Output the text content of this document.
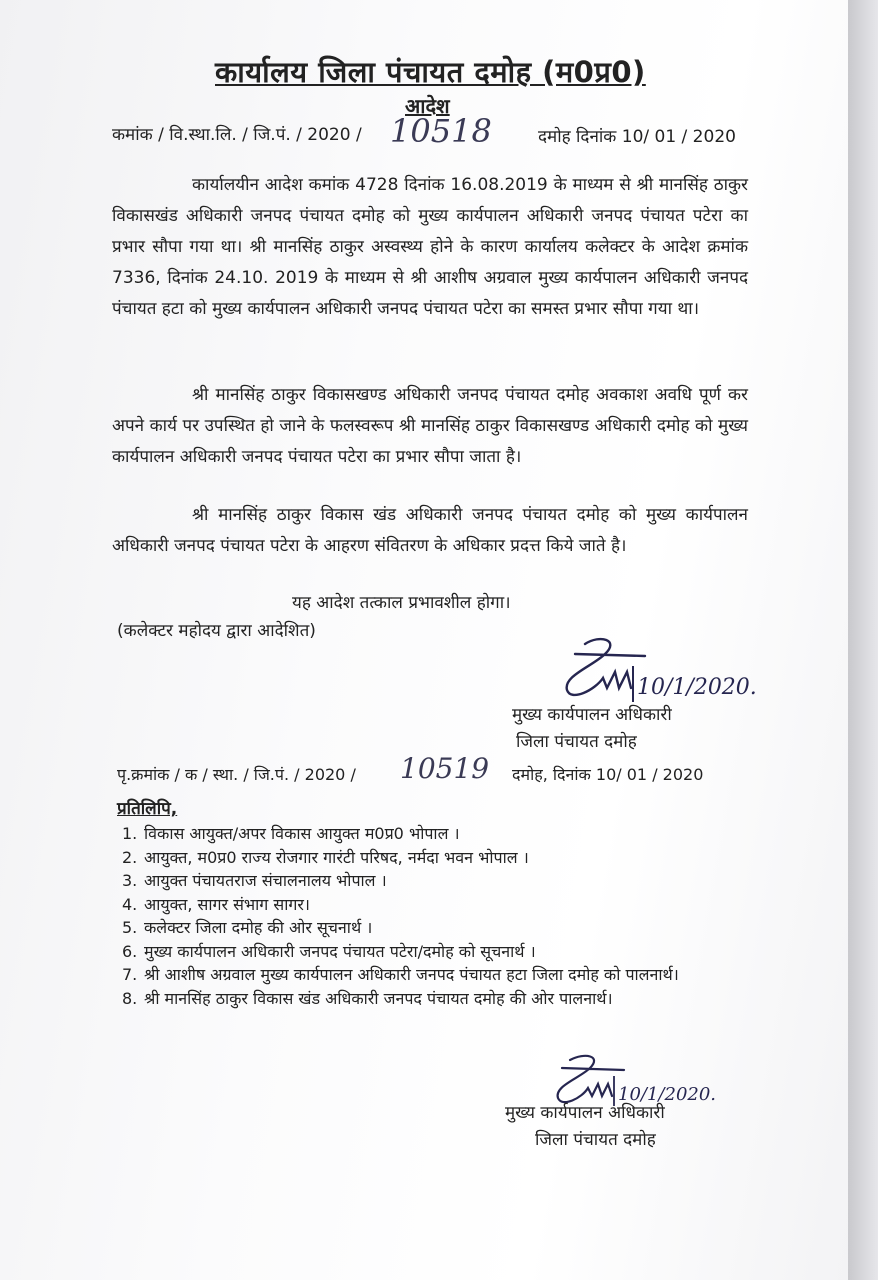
कार्यालय जिला पंचायत दमोह (म0प्र0)
आदेश
कमांक / वि.स्था.लि. / जि.पं. / 2020 / 10518	दमोह दिनांक 10/ 01 / 2020
कार्यालयीन आदेश कमांक 4728 दिनांक 16.08.2019 के माध्यम से श्री मानसिंह ठाकुर विकासखंड अधिकारी जनपद पंचायत दमोह को मुख्य कार्यपालन अधिकारी जनपद पंचायत पटेरा का प्रभार सौपा गया था। श्री मानसिंह ठाकुर अस्वस्थ्य होने के कारण कार्यालय कलेक्टर के आदेश क्रमांक 7336, दिनांक 24.10. 2019 के माध्यम से श्री आशीष अग्रवाल मुख्य कार्यपालन अधिकारी जनपद पंचायत हटा को मुख्य कार्यपालन अधिकारी जनपद पंचायत पटेरा का समस्त प्रभार सौपा गया था।
श्री मानसिंह ठाकुर विकासखण्ड अधिकारी जनपद पंचायत दमोह अवकाश अवधि पूर्ण कर अपने कार्य पर उपस्थित हो जाने के फलस्वरूप श्री मानसिंह ठाकुर विकासखण्ड अधिकारी दमोह को मुख्य कार्यपालन अधिकारी जनपद पंचायत पटेरा का प्रभार सौपा जाता है।
श्री मानसिंह ठाकुर विकास खंड अधिकारी जनपद पंचायत दमोह को मुख्य कार्यपालन अधिकारी जनपद पंचायत पटेरा के आहरण संवितरण के अधिकार प्रदत्त किये जाते है।
यह आदेश तत्काल प्रभावशील होगा।
(कलेक्टर महोदय द्वारा आदेशित)
10/1/2020.
मुख्य कार्यपालन अधिकारी
जिला पंचायत दमोह
पृ.क्रमांक / क / स्था. / जि.पं. / 2020 / 10519 दमोह, दिनांक 10/ 01 / 2020
प्रतिलिपि,
1. विकास आयुक्त/अपर विकास आयुक्त म0प्र0 भोपाल ।
2. आयुक्त, म0प्र0 राज्य रोजगार गारंटी परिषद, नर्मदा भवन भोपाल ।
3. आयुक्त पंचायतराज संचालनालय भोपाल ।
4. आयुक्त, सागर संभाग सागर।
5. कलेक्टर जिला दमोह की ओर सूचनार्थ ।
6. मुख्य कार्यपालन अधिकारी जनपद पंचायत पटेरा/दमोह को सूचनार्थ ।
7. श्री आशीष अग्रवाल मुख्य कार्यपालन अधिकारी जनपद पंचायत हटा जिला दमोह को पालनार्थ।
8. श्री मानसिंह ठाकुर विकास खंड अधिकारी जनपद पंचायत दमोह की ओर पालनार्थ।
10/1/2020.
मुख्य कार्यपालन अधिकारी
जिला पंचायत दमोह
